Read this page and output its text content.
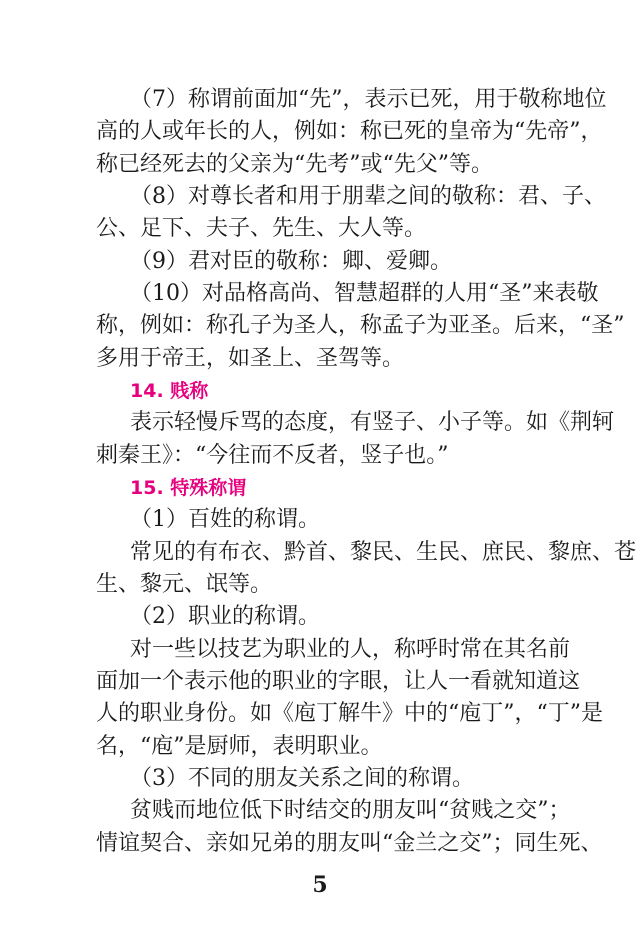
（7）称谓前面加“先”，表示已死，用于敬称地位
高的人或年长的人，例如：称已死的皇帝为“先帝”，
称已经死去的父亲为“先考”或“先父”等。
（8）对尊长者和用于朋辈之间的敬称：君、子、
公、足下、夫子、先生、大人等。
（9）君对臣的敬称：卿、爱卿。
（10）对品格高尚、智慧超群的人用“圣”来表敬
称，例如：称孔子为圣人，称孟子为亚圣。后来，“圣”
多用于帝王，如圣上、圣驾等。
14. 贱称
表示轻慢斥骂的态度，有竖子、小子等。如《荆轲
刺秦王》：“今往而不反者，竖子也。”
15. 特殊称谓
（1）百姓的称谓。
常见的有布衣、黔首、黎民、生民、庶民、黎庶、苍
生、黎元、氓等。
（2）职业的称谓。
对一些以技艺为职业的人，称呼时常在其名前
面加一个表示他的职业的字眼，让人一看就知道这
人的职业身份。如《庖丁解牛》中的“庖丁”，“丁”是
名，“庖”是厨师，表明职业。
（3）不同的朋友关系之间的称谓。
贫贱而地位低下时结交的朋友叫“贫贱之交”；
情谊契合、亲如兄弟的朋友叫“金兰之交”；同生死、
5
